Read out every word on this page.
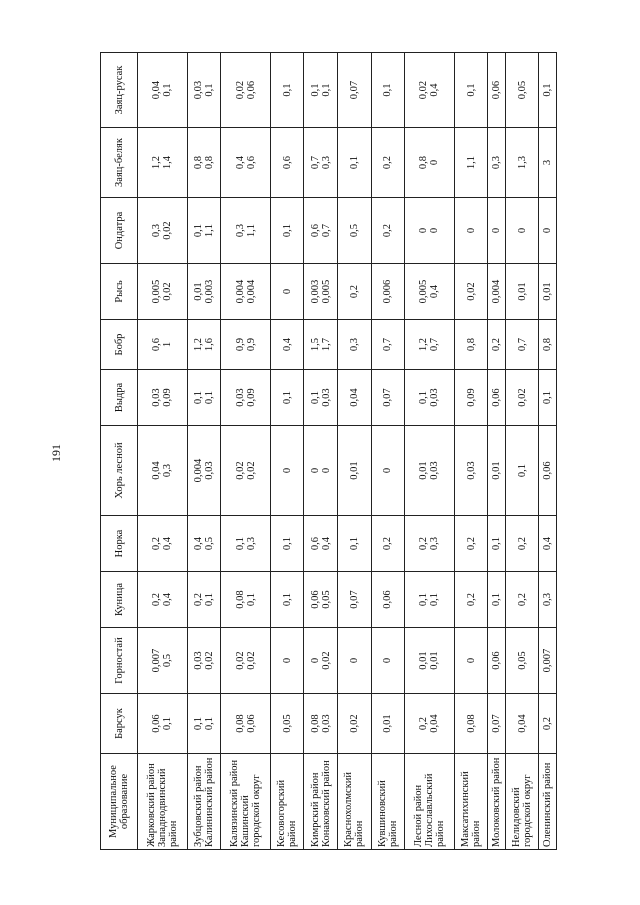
191
Муниципальное образование	Барсук	Горностай	Куница	Норка	Хорь лесной	Выдра	Бобр	Рысь	Ондатра	Заяц-беляк	Заяц-русак

Жарковский район Западнодвинский район	0,06 0,1	0,007 0,5	0,2 0,4	0,2 0,4	0,04 0,3	0,03 0,09	0,6 1	0,005 0,02	0,3 0,02	1,2 1,4	0,04 0,1

Зубцовский район Калининский район	0,1 0,1	0,03 0,02	0,2 0,1	0,4 0,5	0,004 0,03	0,1 0,1	1,2 1,6	0,01 0,003	0,1 1,1	0,8 0,8	0,03 0,1

Калязинский район Кашинский городской округ	0,08 0,06	0,02 0,02	0,08 0,1	0,1 0,3	0,02 0,02	0,03 0,09	0,9 0,9	0,004 0,004	0,3 1,1	0,4 0,6	0,02 0,06

Кесовогорский район	0,05	0	0,1	0,1	0	0,1	0,4	0	0,1	0,6	0,1

Кимрский район Конаковский район	0,08 0,03	0 0,02	0,06 0,05	0,6 0,4	0 0	0,1 0,03	1,5 1,7	0,003 0,005	0,6 0,7	0,7 0,3	0,1 0,1

Краснохолмский район	0,02	0	0,07	0,1	0,01	0,04	0,3	0,2	0,5	0,1	0,07

Кувшиновский район	0,01	0	0,06	0,2	0	0,07	0,7	0,006	0,2	0,2	0,1

Лесной район Лихославльский район	0,2 0,04	0,01 0,01	0,1 0,1	0,2 0,3	0,01 0,03	0,1 0,03	1,2 0,7	0,005 0,4	0 0	0,8 0	0,02 0,4

Максатихинский район	0,08	0	0,2	0,2	0,03	0,09	0,8	0,02	0	1,1	0,1

Молоковский район	0,07	0,06	0,1	0,1	0,01	0,06	0,2	0,004	0	0,3	0,06

Нелидовский городской округ	0,04	0,05	0,2	0,2	0,1	0,02	0,7	0,01	0	1,3	0,05

Оленинский район	0,2	0,007	0,3	0,4	0,06	0,1	0,8	0,01	0	3	0,1
